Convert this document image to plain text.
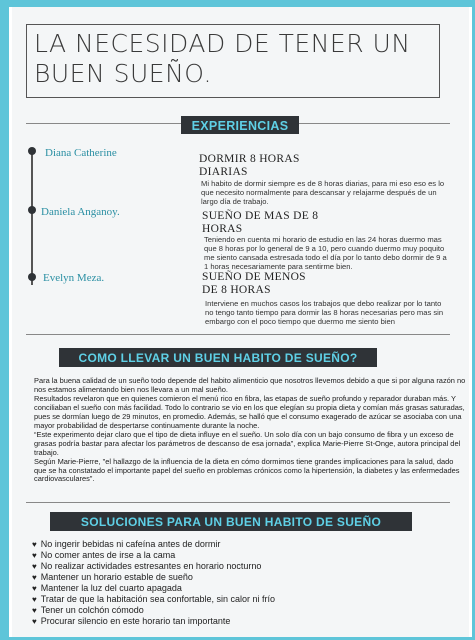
LA NECESIDAD DE TENER UN BUEN SUEÑO.
EXPERIENCIAS
Diana Catherine	DORMIR 8 HORAS
DIARIAS
Mi habito de dormir siempre es de 8 horas diarias, para mi eso eso es lo que necesito normalmente para descansar y relajarme después de un largo día de trabajo.
Daniela Anganoy.	SUEÑO DE MAS DE 8
HORAS
Teniendo en cuenta mi horario de estudio en las 24 horas duermo mas que 8 horas por lo general de 9 a 10, pero cuando duermo muy poquito me siento cansada estresada todo el día por lo tanto debo dormir de 9 a 1 horas necesariamente para sentirme bien.
Evelyn Meza.	SUEÑO DE MENOS
DE 8 HORAS
Interviene en muchos casos los trabajos que debo realizar por lo tanto no tengo tanto tiempo para dormir las 8 horas necesarias pero mas sin embargo con el poco tiempo que duermo me siento bien
COMO LLEVAR UN BUEN HABITO DE SUEÑO?

Para la buena calidad de un sueño todo depende del habito alimenticio que nosotros llevemos debido a que si por alguna razón no nos estamos alimentando bien nos llevara a un mal sueño.

Resultados revelaron que en quienes comieron el menú rico en fibra, las etapas de sueño profundo y reparador duraban más. Y conciliaban el sueño con más facilidad. Todo lo contrario se vio en los que elegían su propia dieta y comían más grasas saturadas, pues se dormían luego de 29 minutos, en promedio. Además, se halló que el consumo exagerado de azúcar se asociaba con una mayor probabilidad de despertarse continuamente durante la noche.

“Este experimento dejar claro que el tipo de dieta influye en el sueño. Un solo día con un bajo consumo de fibra y un exceso de grasas podría bastar para afectar los parámetros de descanso de esa jornada”, explica Marie-Pierre St-Onge, autora principal del trabajo.

Según Marie-Pierre, "el hallazgo de la influencia de la dieta en cómo dormimos tiene grandes implicaciones para la salud, dado que se ha constatado el importante papel del sueño en problemas crónicos como la hipertensión, la diabetes y las enfermedades cardiovasculares".

SOLUCIONES PARA UN BUEN HABITO DE SUEÑO
♥ No ingerir bebidas ni cafeína antes de dormir
♥ No comer antes de irse a la cama
♥ No realizar actividades estresantes en horario nocturno
♥ Mantener un horario estable de sueño
♥ Mantener la luz del cuarto apagada
♥ Tratar de que la habitación sea confortable, sin calor ni frío
♥ Tener un colchón cómodo
♥ Procurar silencio en este horario tan importante
